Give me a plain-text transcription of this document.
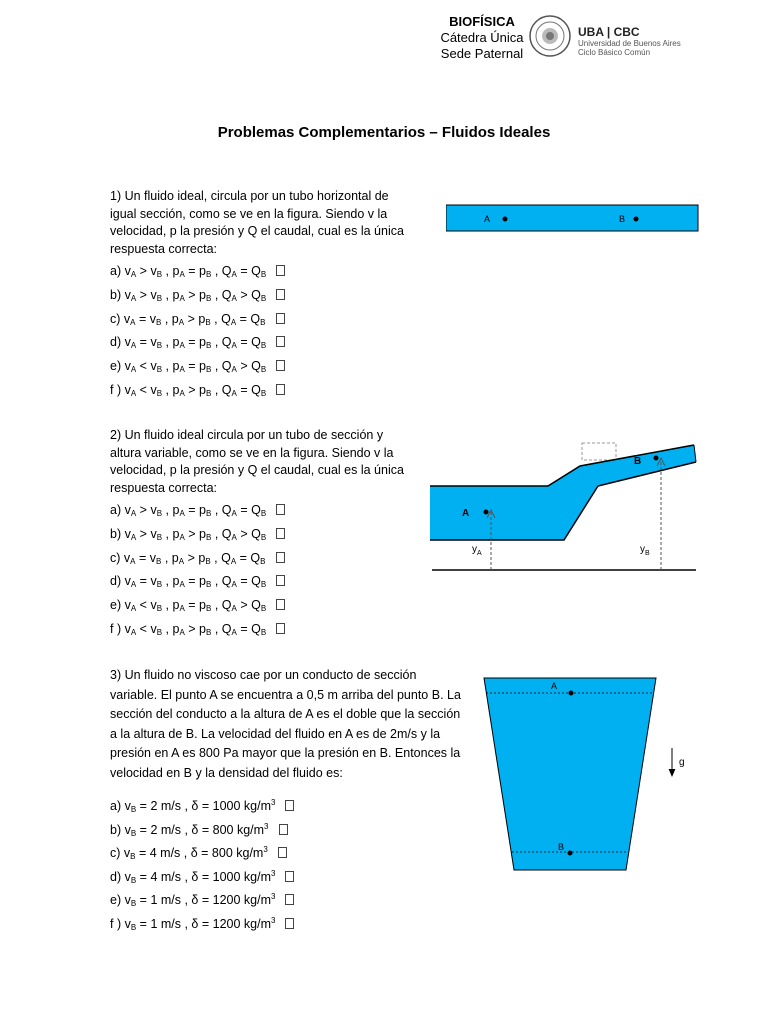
BIOFÍSICA
Cátedra Única
Sede Paternal
UBA | CBC
Universidad de Buenos Aires
Ciclo Básico Común
Problemas Complementarios – Fluidos Ideales
1) Un fluido ideal, circula por un tubo horizontal de igual sección, como se ve en la figura. Siendo v la velocidad, p la presión y Q el caudal, cual es la única respuesta correcta:
A	B
a) $v_A > v_B$ , $p_A = p_B$ , $Q_A = Q_B$
b) $v_A > v_B$ , $p_A > p_B$ , $Q_A > Q_B$
c) $v_A = v_B$ , $p_A > p_B$ , $Q_A = Q_B$
d) $v_A = v_B$ , $p_A = p_B$ , $Q_A = Q_B$
e) $v_A < v_B$ , $p_A = p_B$ , $Q_A > Q_B$
f ) $v_A < v_B$ , $p_A > p_B$ , $Q_A = Q_B$
2) Un fluido ideal circula por un tubo de sección y altura variable, como se ve en la figura. Siendo v la velocidad, p la presión y Q el caudal, cual es la única respuesta correcta:
A
B
$y_A$	$y_B$
a) $v_A > v_B$ , $p_A = p_B$ , $Q_A = Q_B$
b) $v_A > v_B$ , $p_A > p_B$ , $Q_A > Q_B$
c) $v_A = v_B$ , $p_A > p_B$ , $Q_A = Q_B$
d) $v_A = v_B$ , $p_A = p_B$ , $Q_A = Q_B$
e) $v_A < v_B$ , $p_A = p_B$ , $Q_A > Q_B$
f ) $v_A < v_B$ , $p_A > p_B$ , $Q_A = Q_B$
3) Un fluido no viscoso cae por un conducto de sección variable. El punto A se encuentra a 0,5 m arriba del punto B. La sección del conducto a la altura de A es el doble que la sección a la altura de B. La velocidad del fluido en A es de 2m/s y la presión en A es 800 Pa mayor que la presión en B. Entonces la velocidad en B y la densidad del fluido es:
A
B
g
a) $v_B = 2$ m/s , δ = 1000 $kg/m^3$
b) $v_B = 2$ m/s , δ = 800 $kg/m^3$
c) $v_B = 4$ m/s , δ = 800 $kg/m^3$
d) $v_B = 4$ m/s , δ = 1000 $kg/m^3$
e) $v_B = 1$ m/s , δ = 1200 $kg/m^3$
f ) $v_B = 1$ m/s , δ = 1200 $kg/m^3$
